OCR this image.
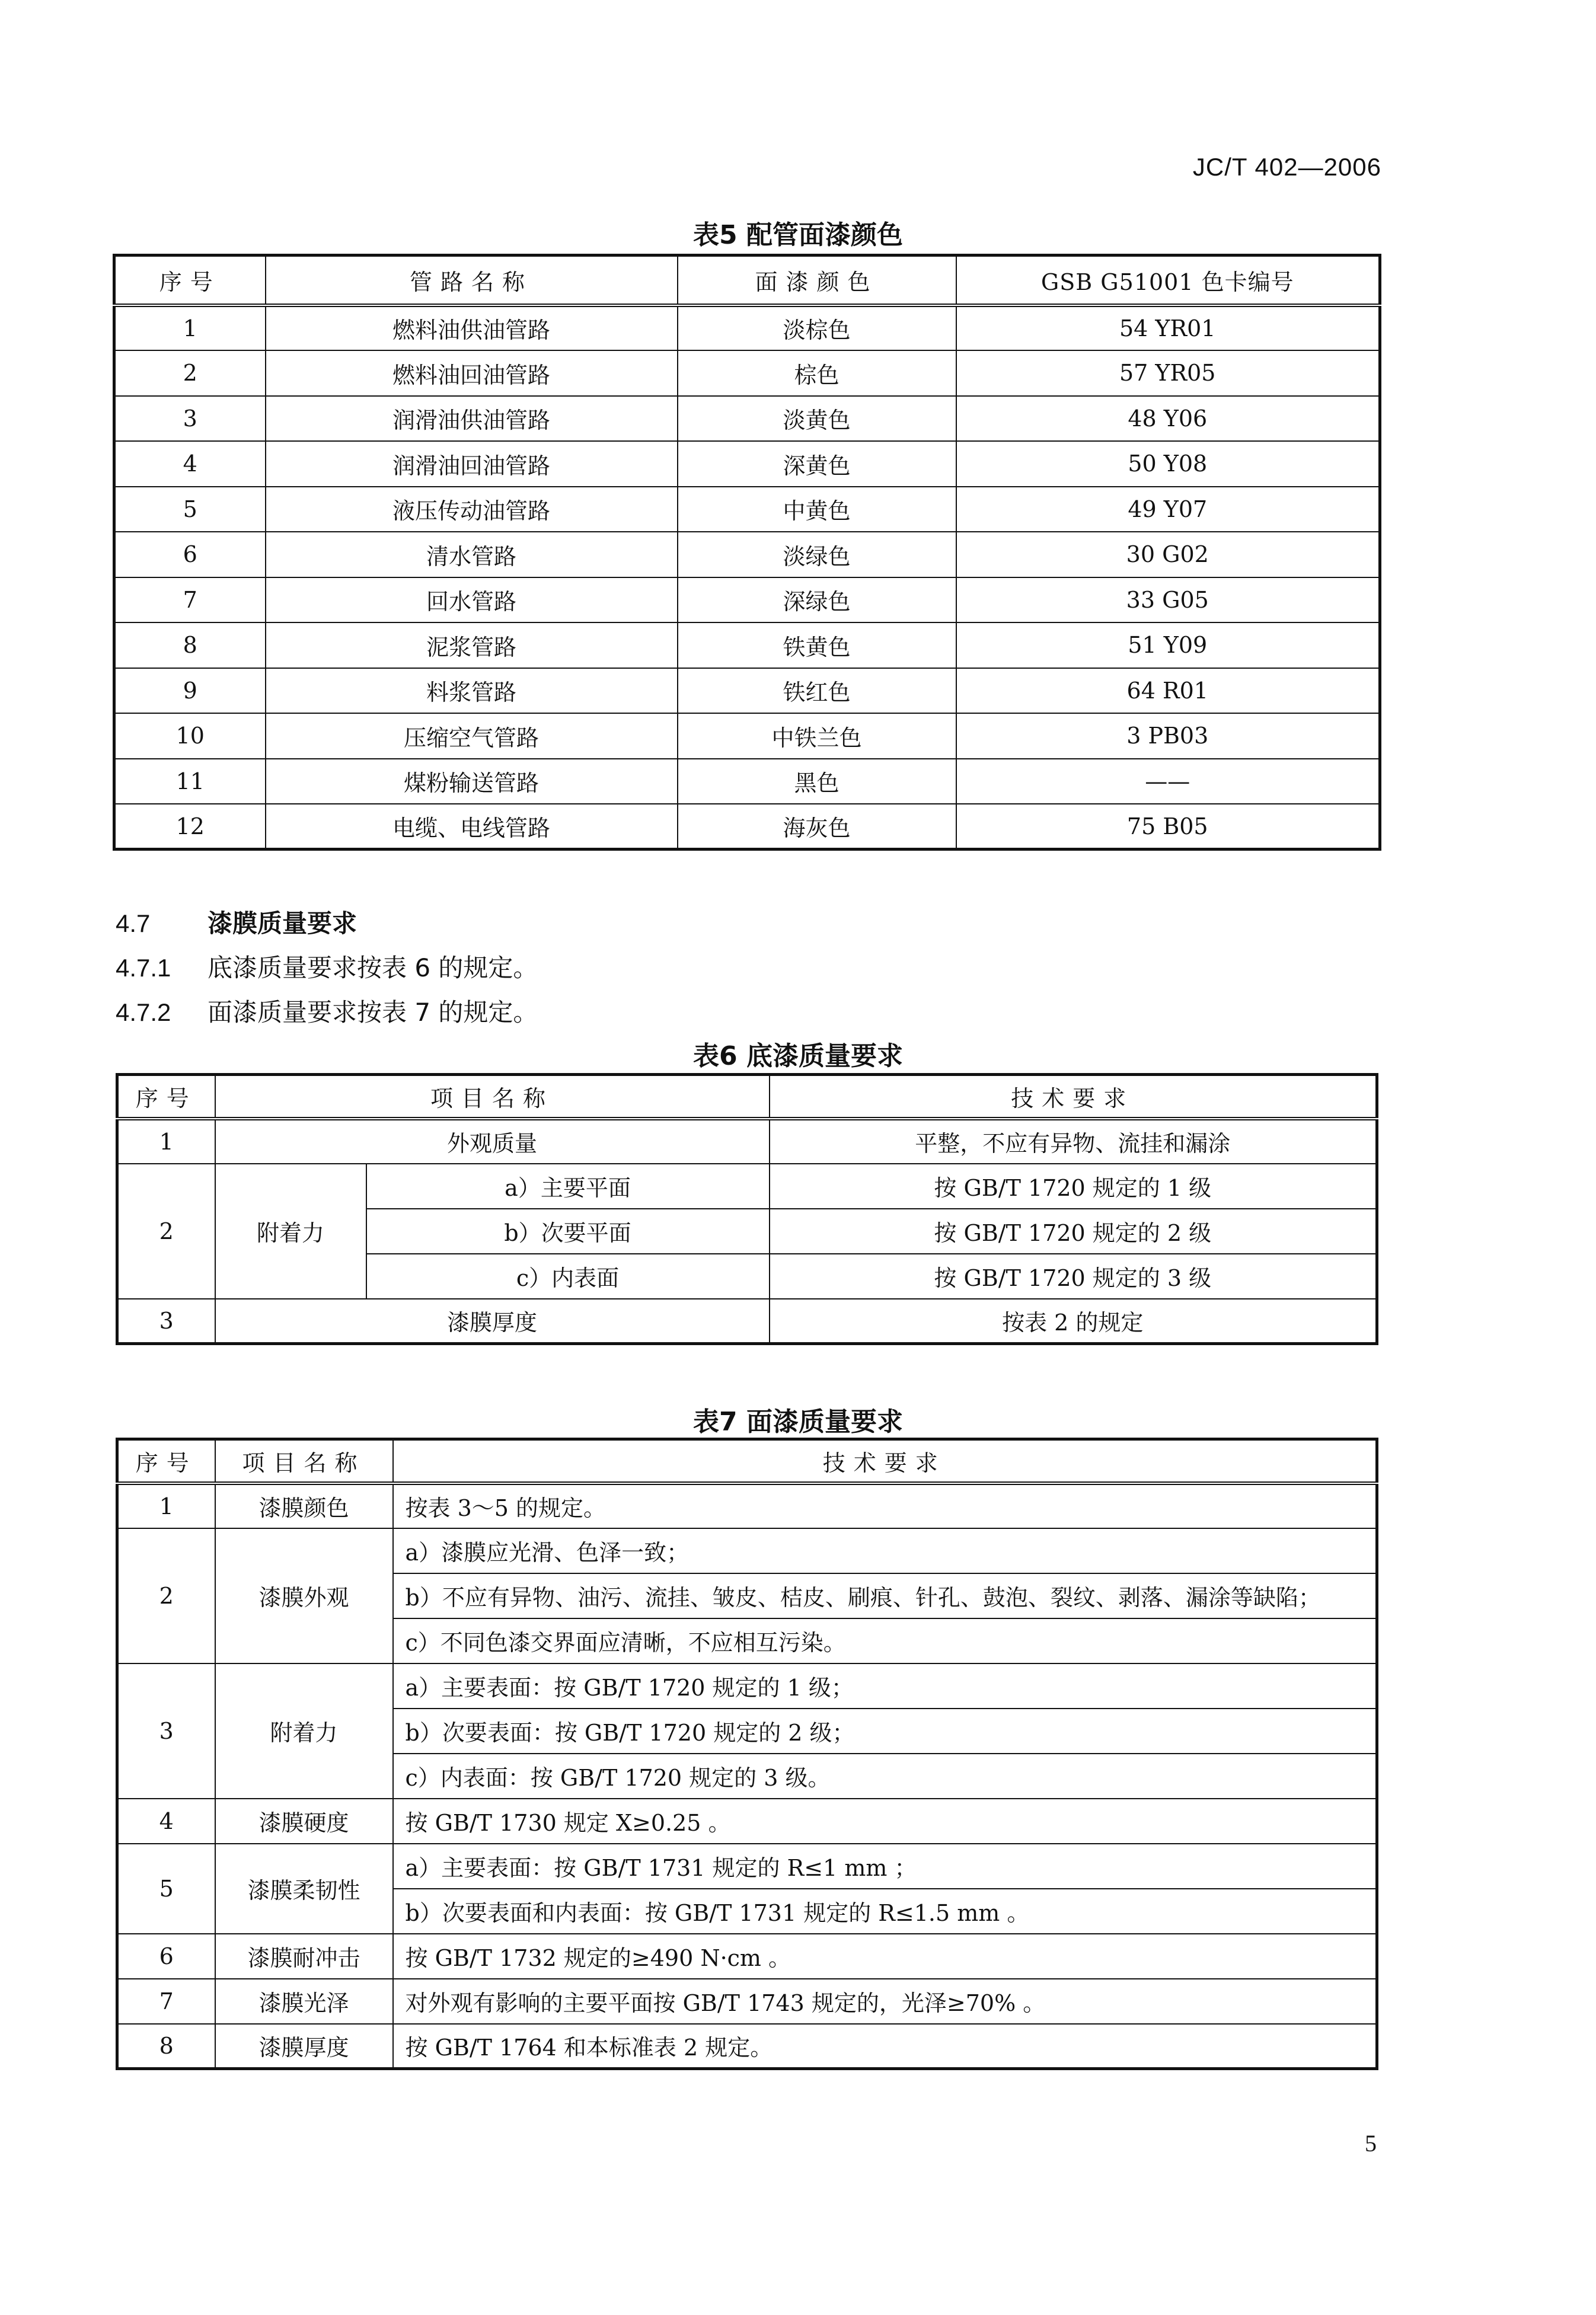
JC/T 402—2006
表5 配管面漆颜色
序号	管路名称	面漆颜色	GSB G51001 色卡编号
1	燃料油供油管路	淡棕色	54 YR01
2	燃料油回油管路	棕色	57 YR05
3	润滑油供油管路	淡黄色	48 Y06
4	润滑油回油管路	深黄色	50 Y08
5	液压传动油管路	中黄色	49 Y07
6	清水管路	淡绿色	30 G02
7	回水管路	深绿色	33 G05
8	泥浆管路	铁黄色	51 Y09
9	料浆管路	铁红色	64 R01
10	压缩空气管路	中铁兰色	3 PB03
11	煤粉输送管路	黑色	——
12	电缆、电线管路	海灰色	75 B05
4.7 漆膜质量要求
4.7.1 底漆质量要求按表 6 的规定。
4.7.2 面漆质量要求按表 7 的规定。
表6 底漆质量要求
序号	项目名称		技术要求
1	外观质量		平整，不应有异物、流挂和漏涂
2	附着力	a）主要平面	按 GB/T 1720 规定的 1 级
		b）次要平面	按 GB/T 1720 规定的 2 级
		c）内表面	按 GB/T 1720 规定的 3 级
3	漆膜厚度		按表 2 的规定
表7 面漆质量要求
序号	项目名称	技术要求
1	漆膜颜色	按表 3～5 的规定。
2	漆膜外观	a）漆膜应光滑、色泽一致；
		b）不应有异物、油污、流挂、皱皮、桔皮、刷痕、针孔、鼓泡、裂纹、剥落、漏涂等缺陷；
		c）不同色漆交界面应清晰，不应相互污染。
3	附着力	a）主要表面：按 GB/T 1720 规定的 1 级；
		b）次要表面：按 GB/T 1720 规定的 2 级；
		c）内表面：按 GB/T 1720 规定的 3 级。
4	漆膜硬度	按 GB/T 1730 规定 X≥0.25 。
5	漆膜柔韧性	a）主要表面：按 GB/T 1731 规定的 R≤1 mm ；
		b）次要表面和内表面：按 GB/T 1731 规定的 R≤1.5 mm 。
6	漆膜耐冲击	按 GB/T 1732 规定的≥490 N·cm 。
7	漆膜光泽	对外观有影响的主要平面按 GB/T 1743 规定的，光泽≥70% 。
8	漆膜厚度	按 GB/T 1764 和本标准表 2 规定。
5
